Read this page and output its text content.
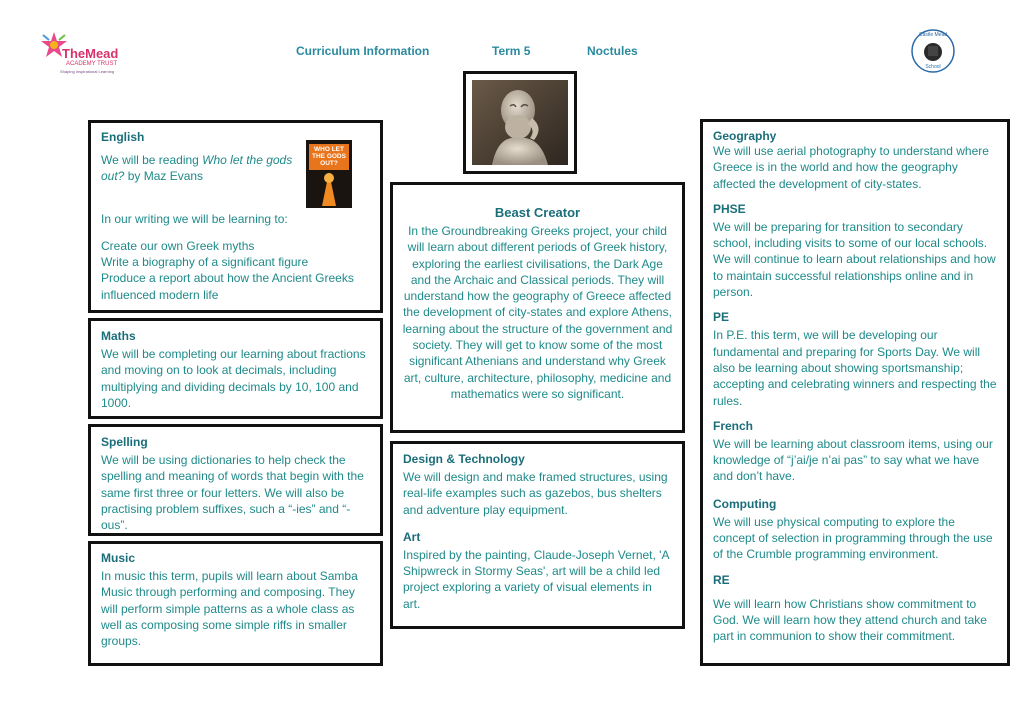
TheMead
ACADEMY TRUST
Shaping Inspirational Learning
Curriculum Information	Term 5	Noctules
Castle Mead
School
English

We will be reading Who let the gods out? by Maz Evans

In our writing we will be learning to:

Create our own Greek myths

Write a biography of a significant figure

Produce a report about how the Ancient Greeks influenced modern life

WHO LET THE GODS OUT?
Maths

We will be completing our learning about fractions and moving on to look at decimals, including multiplying and dividing decimals by 10, 100 and 1000.

Spelling

We will be using dictionaries to help check the spelling and meaning of words that begin with the same first three or four letters. We will also be practising problem suffixes, such a “-ies” and “-ous”.

Music

In music this term, pupils will learn about Samba Music through performing and composing. They will perform simple patterns as a whole class as well as composing some simple riffs in smaller groups.

Beast Creator

In the Groundbreaking Greeks project, your child will learn about different periods of Greek history, exploring the earliest civilisations, the Dark Age and the Archaic and Classical periods. They will understand how the geography of Greece affected the development of city-states and explore Athens, learning about the structure of the government and society. They will get to know some of the most significant Athenians and understand why Greek art, culture, architecture, philosophy, medicine and mathematics were so significant.

Design & Technology

We will design and make framed structures, using real-life examples such as gazebos, bus shelters and adventure play equipment.

Art

Inspired by the painting, Claude-Joseph Vernet, 'A Shipwreck in Stormy Seas', art will be a child led project exploring a variety of visual elements in art.

Geography

We will use aerial photography to understand where Greece is in the world and how the geography affected the development of city-states.

PHSE

We will be preparing for transition to secondary school, including visits to some of our local schools. We will continue to learn about relationships and how to maintain successful relationships online and in person.

PE

In P.E. this term, we will be developing our fundamental and preparing for Sports Day. We will also be learning about showing sportsmanship; accepting and celebrating winners and respecting the rules.

French

We will be learning about classroom items, using our knowledge of “j’ai/je n’ai pas” to say what we have and don’t have.

Computing

We will use physical computing to explore the concept of selection in programming through the use of the Crumble programming environment.

RE

We will learn how Christians show commitment to God. We will learn how they attend church and take part in communion to show their commitment.
